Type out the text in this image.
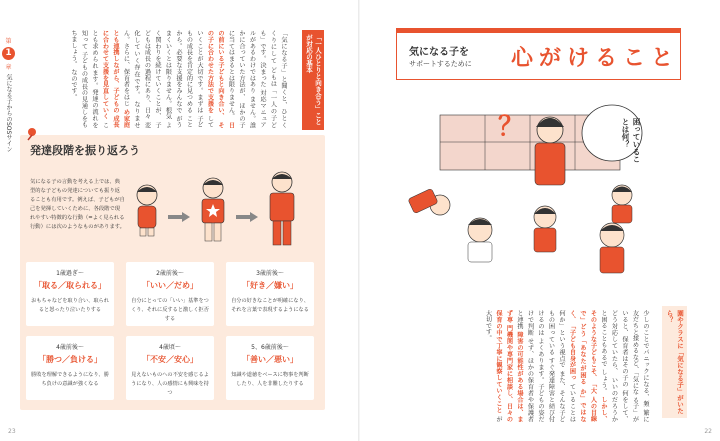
第
1
章
気になる子からのSOSサイン	「気になる子」と聞くと、ひとくくりにして どもは「一人の子ども」です。決まった 対応マニュアルがあるわけではあり ません。誰かに合っていた方法が、 ほかの子に当てはまるとは限りません。 日の前にいる子どもと向き合い、 その子に合わせた方法で支援を していくことが大切です。まずは 子どもの成長を肯定的に見つめる ことから。必要な支援をみんなで がうまくいくとは限りません。根気 よく関わりを続けていくことが、 子どもは成長の過程にあり、日々 変化していく存在です。 なりません。さらに、保育者をはじ め家庭とも連携しながら、子どもの 成長に合わせて支援を見直していく ことも求められます。発達の流れを知って 子どもの成長の見通しをもちましょう。 なのです。	「一人ひとりと向き合う」ことが対応の基本
発達段階を振り返ろう
気になる子の言動を考える上では、典型的な子どもの発達についても振り返ることも有用です。例えば、子どもが自己を発揮していくために、各段階で現れやすい特徴的な行動（=よく見られる行動）には次のようなものがあります。
1歳過ぎ〜
「取る／取られる」
おもちゃなどを取り合い、取られると怒ったり泣いたりする
2歳前後〜
「いい／だめ」
自分にとっての「いい」基準をつくり、それに反すると激しく拒否する
3歳前後〜
「好き／嫌い」
自分の好きなことが明確になり、それを言葉で表現するようになる
4歳前後〜
「勝つ／負ける」
勝敗を理解できるようになり、勝ち負けの意識が強くなる
4歳頃〜
「不安／安心」
見えないものへの不安を感じるようになり、人の感情にも興味を持つ
5、6歳前後〜
「善い／悪い」
知識や道徳をベースに物事を判断したり、人を非難したりする
23
気になる子を
サポートするために 心がけること
？	困っていることは何？
少しのことでパニックになる、頻 繁に友だちと揉めるなど、「気にな る子」がいると、保育者はその子の 何をして、どう対応していたら、 いいのだろうかと困ることもあるで しょう。 しかし、そのような子どもこそ、「大 人の目線で」どう「あなたが困る か」ではなく、「子ども自身が困っ ていることは何か」という視点で また、そんな子どもの困っている すぐ発達障害と結び付けるのは よくあります。子どもの姿だけで判断 せず、ほかの保育者や保護者と連携 障害の可能性がある場合は、まず専 門機関や専門家に相談し、日々の 保育の中で丁寧に観察していくこと が大切です。	園やクラスに「気になる子」がいたら？
22
